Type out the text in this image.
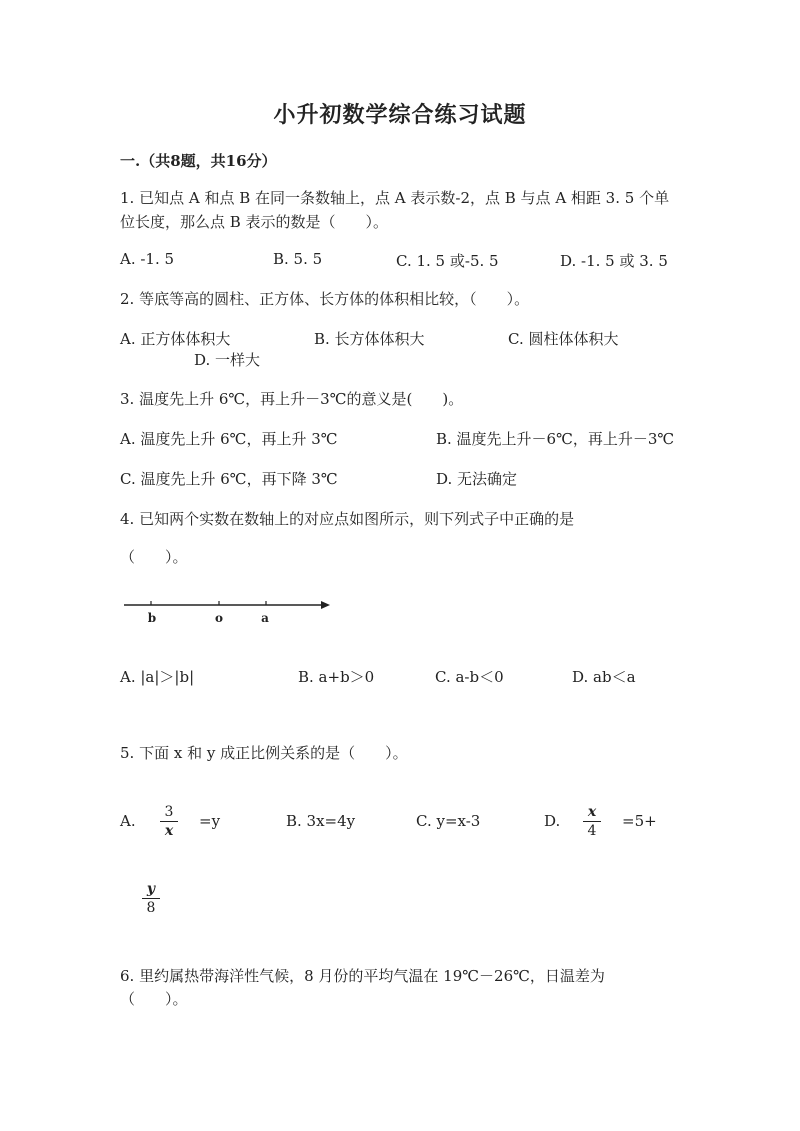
小升初数学综合练习试题
一.（共8题，共16分）
1. 已知点 A 和点 B 在同一条数轴上，点 A 表示数-2，点 B 与点 A 相距 3. 5 个单
位长度，那么点 B 表示的数是（　　）。
A. -1. 5	B. 5. 5	C. 1. 5 或-5. 5	D. -1. 5 或 3. 5
2. 等底等高的圆柱、正方体、长方体的体积相比较，（　　）。
A. 正方体体积大	B. 长方体体积大	C. 圆柱体体积大
D. 一样大
3. 温度先上升 6℃，再上升－3℃的意义是(　　)。
A. 温度先上升 6℃，再上升 3℃	B. 温度先上升－6℃，再上升－3℃
C. 温度先上升 6℃，再下降 3℃	D. 无法确定
4. 已知两个实数在数轴上的对应点如图所示，则下列式子中正确的是
（　　）。
b	o	a
A. |a|＞|b|	B. a+b＞0	C. a-b＜0	D. ab＜a
5. 下面 x 和 y 成正比例关系的是（　　）。
A.	3
x
=y	B. 3x=4y	C. y=x-3	D.	x
4
=5+
y
8
6. 里约属热带海洋性气候，8 月份的平均气温在 19℃－26℃，日温差为
（　　）。
